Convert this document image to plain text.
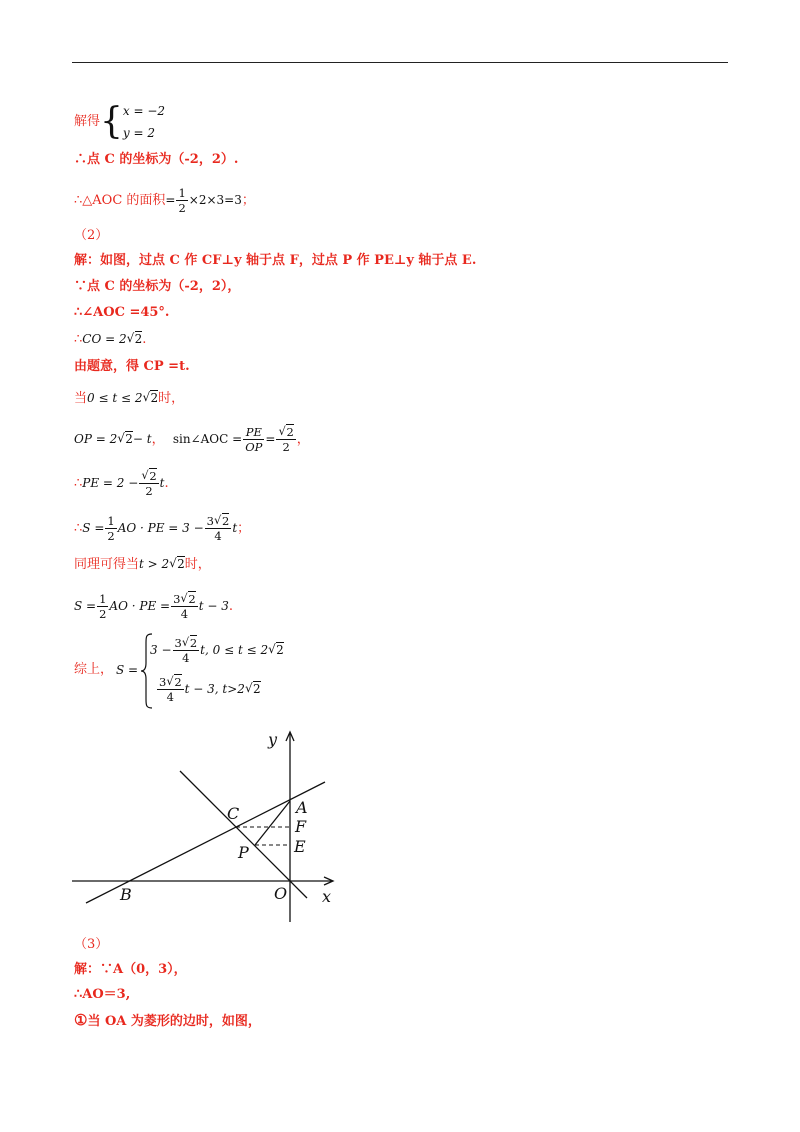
解得{ x = −2
y = 2
∴点 C 的坐标为（-2，2）.
∴△AOC 的面积= $\frac{1}{2} \times 2\times 3=3$；
（2）
解：如图，过点 C 作 CF⊥y 轴于点 F，过点 P 作 PE⊥y 轴于点 E.
∵点 C 的坐标为（-2，2），
∴∠AOC =45°.
∴CO = 2 √ 2.
由题意，得 CP =t.
当0 ≤ t ≤ 2 √ 2时，
OP = 2 √ 2− t， sin∠AOC = $\frac{PE}{OP}$ = √ $\frac{2}{2}$ ，
∴PE = 2 − √ $\frac{2}{2} t$.
∴S = $\frac{1}{2}$ AO · PE = $3 - \frac{3 √ 2}{4}$ t；
同理可得当t > 2 √ 2时，
$S = \frac{1}{2}$ AO · PE = $\frac{3 √ 2}{4}$ t − 3.
综上， S =
$3 - \frac{3 √ 2}{4} t$, 0 ≤ t ≤ 2 √ 2
$\frac{3 √ 2}{4}$ t − 3, t>2 √ 2
y
x
A
C
F
P	E
B	O
（3）
解：∵A（0，3），
∴AO＝3,
①当 OA 为菱形的边时，如图，
